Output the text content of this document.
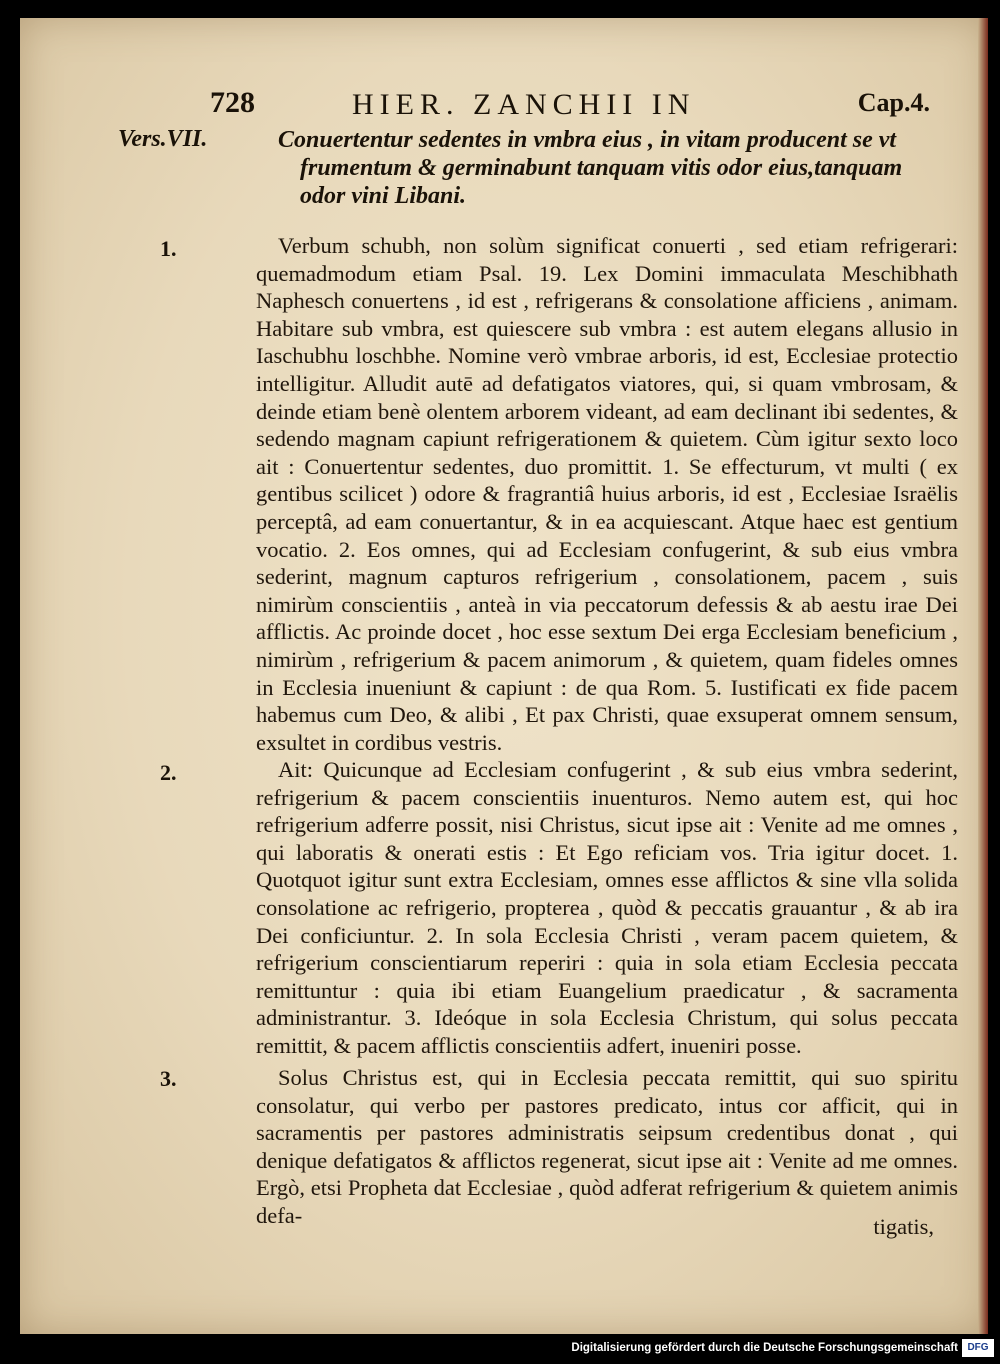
728	HIER. ZANCHII IN	Cap.4.
Vers.VII.	Conuertentur sedentes in vmbra eius , in vitam producent se vt
frumentum & germinabunt tanquam vitis odor eius,tanquam
odor vini Libani.
1.	Verbum schubh, non solùm significat conuerti , sed etiam refrigerari: quemadmodum etiam Psal. 19. Lex Domini immaculata Meschibhath Naphesch conuertens , id est , refrigerans & consolatione afficiens , animam. Habitare sub vmbra, est quiescere sub vmbra : est autem elegans allusio in Iaschubhu loschbhe. Nomine verò vmbrae arboris, id est, Ecclesiae protectio intelligitur. Alludit autē ad defatigatos viatores, qui, si quam vmbrosam, & deinde etiam benè olentem arborem videant, ad eam declinant ibi sedentes, & sedendo magnam capiunt refrigerationem & quietem. Cùm igitur sexto loco ait : Conuertentur sedentes, duo promittit. 1. Se effecturum, vt multi ( ex gentibus scilicet ) odore & fragrantiâ huius arboris, id est , Ecclesiae Israëlis perceptâ, ad eam conuertantur, & in ea acquiescant. Atque haec est gentium vocatio. 2. Eos omnes, qui ad Ecclesiam confugerint, & sub eius vmbra sederint, magnum capturos refrigerium , consolationem, pacem , suis nimirùm conscientiis , anteà in via peccatorum defessis & ab aestu irae Dei afflictis. Ac proinde docet , hoc esse sextum Dei erga Ecclesiam beneficium , nimirùm , refrigerium & pacem animorum , & quietem, quam fideles omnes in Ecclesia inueniunt & capiunt : de qua Rom. 5. Iustificati ex fide pacem habemus cum Deo, & alibi , Et pax Christi, quae exsuperat omnem sensum, exsultet in cordibus vestris.

2.	Ait: Quicunque ad Ecclesiam confugerint , & sub eius vmbra sederint, refrigerium & pacem conscientiis inuenturos. Nemo autem est, qui hoc refrigerium adferre possit, nisi Christus, sicut ipse ait : Venite ad me omnes , qui laboratis & onerati estis : Et Ego reficiam vos. Tria igitur docet. 1. Quotquot igitur sunt extra Ecclesiam, omnes esse afflictos & sine vlla solida consolatione ac refrigerio, propterea , quòd & peccatis grauantur , & ab ira Dei conficiuntur. 2. In sola Ecclesia Christi , veram pacem quietem, & refrigerium conscientiarum reperiri : quia in sola etiam Ecclesia peccata remittuntur : quia ibi etiam Euangelium praedicatur , & sacramenta administrantur. 3. Ideóque in sola Ecclesia Christum, qui solus peccata remittit, & pacem afflictis conscientiis adfert, inueniri posse.

3.	Solus Christus est, qui in Ecclesia peccata remittit, qui suo spiritu consolatur, qui verbo per pastores predicato, intus cor afficit, qui in sacramentis per pastores administratis seipsum credentibus donat , qui denique defatigatos & afflictos regenerat, sicut ipse ait : Venite ad me omnes. Ergò, etsi Propheta dat Ecclesiae , quòd adferat refrigerium & quietem animis defa-	tigatis,
Digitalisierung gefördert durch die Deutsche Forschungsgemeinschaft DFG
